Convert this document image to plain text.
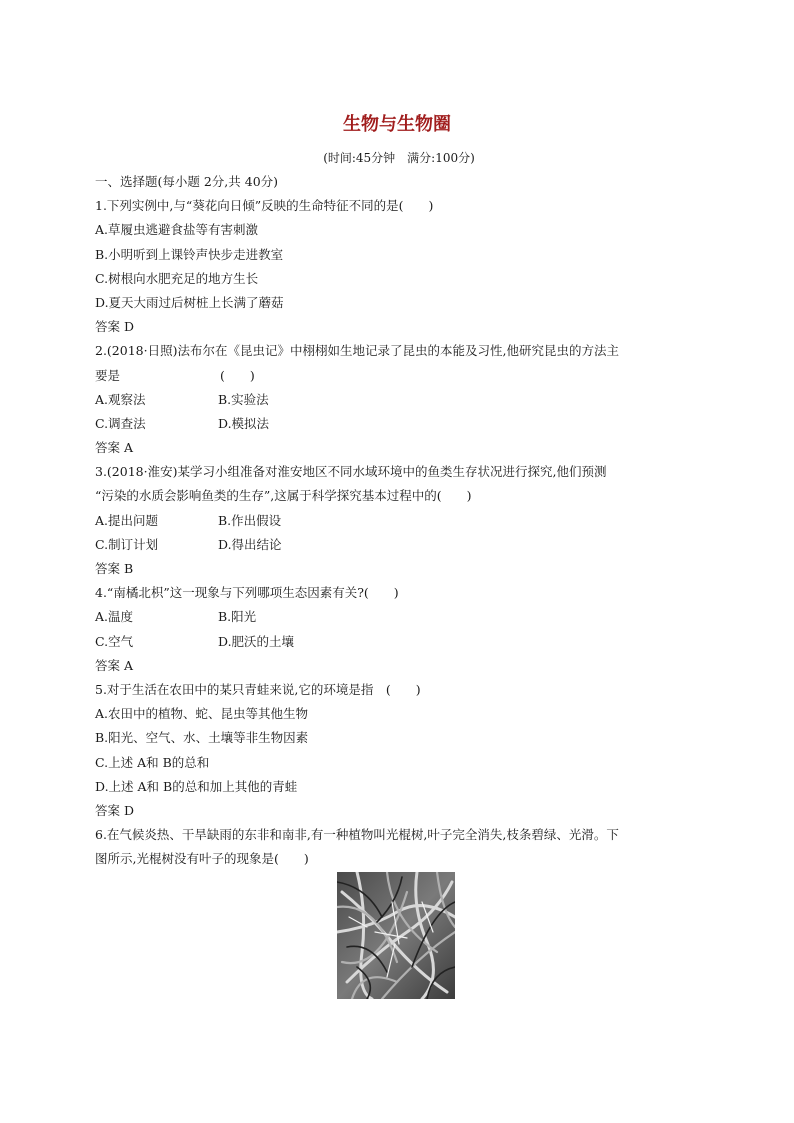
生物与生物圈
(时间:45分钟　满分:100分)
一、选择题(每小题 2分,共 40分)
1.下列实例中,与“葵花向日倾”反映的生命特征不同的是(　　)
A.草履虫逃避食盐等有害刺激
B.小明听到上课铃声快步走进教室
C.树根向水肥充足的地方生长
D.夏天大雨过后树桩上长满了蘑菇
答案 D
2.(2018·日照)法布尔在《昆虫记》中栩栩如生地记录了昆虫的本能及习性,他研究昆虫的方法主
要是　　　　　　　　(　　)
A.观察法	B.实验法
C.调查法	D.模拟法
答案 A
3.(2018·淮安)某学习小组准备对淮安地区不同水域环境中的鱼类生存状况进行探究,他们预测
“污染的水质会影响鱼类的生存”,这属于科学探究基本过程中的(　　)
A.提出问题	B.作出假设
C.制订计划	D.得出结论
答案 B
4.“南橘北枳”这一现象与下列哪项生态因素有关?(　　)
A.温度	B.阳光
C.空气	D.肥沃的土壤
答案 A
5.对于生活在农田中的某只青蛙来说,它的环境是指　(　　)
A.农田中的植物、蛇、昆虫等其他生物
B.阳光、空气、水、土壤等非生物因素
C.上述 A和 B的总和
D.上述 A和 B的总和加上其他的青蛙
答案 D
6.在气候炎热、干旱缺雨的东非和南非,有一种植物叫光棍树,叶子完全消失,枝条碧绿、光滑。下
图所示,光棍树没有叶子的现象是(　　)
